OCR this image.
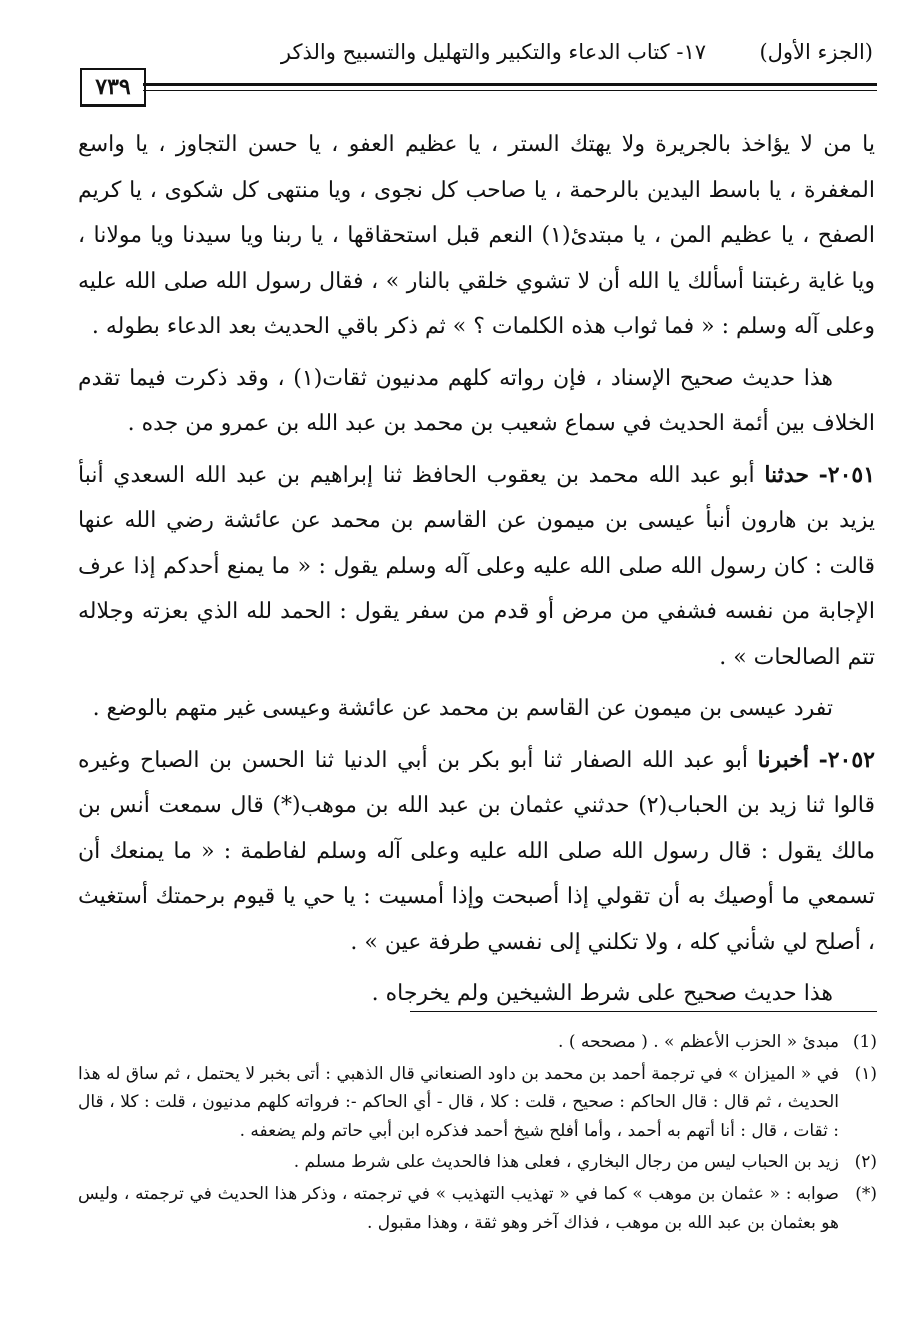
(الجزء الأول)
١٧- كتاب الدعاء والتكبير والتهليل والتسبيح والذكر
٧٣٩

يا من لا يؤاخذ بالجريرة ولا يهتك الستر ، يا عظيم العفو ، يا حسن التجاوز ، يا واسع المغفرة ، يا باسط اليدين بالرحمة ، يا صاحب كل نجوى ، ويا منتهى كل شكوى ، يا كريم الصفح ، يا عظيم المن ، يا مبتدئ(١) النعم قبل استحقاقها ، يا ربنا ويا سيدنا ويا مولانا ، ويا غاية رغبتنا أسألك يا الله أن لا تشوي خلقي بالنار » ، فقال رسول الله صلى الله عليه وعلى آله وسلم : « فما ثواب هذه الكلمات ؟ » ثم ذكر باقي الحديث بعد الدعاء بطوله .

هذا حديث صحيح الإسناد ، فإن رواته كلهم مدنيون ثقات(١) ، وقد ذكرت فيما تقدم الخلاف بين أئمة الحديث في سماع شعيب بن محمد بن عبد الله بن عمرو من جده .

٢٠٥١- حدثنا أبو عبد الله محمد بن يعقوب الحافظ ثنا إبراهيم بن عبد الله السعدي أنبأ يزيد بن هارون أنبأ عيسى بن ميمون عن القاسم بن محمد عن عائشة رضي الله عنها قالت : كان رسول الله صلى الله عليه وعلى آله وسلم يقول : « ما يمنع أحدكم إذا عرف الإجابة من نفسه فشفي من مرض أو قدم من سفر يقول : الحمد لله الذي بعزته وجلاله تتم الصالحات » .

تفرد عيسى بن ميمون عن القاسم بن محمد عن عائشة وعيسى غير متهم بالوضع .

٢٠٥٢- أخبرنا أبو عبد الله الصفار ثنا أبو بكر بن أبي الدنيا ثنا الحسن بن الصباح وغيره قالوا ثنا زيد بن الحباب(٢) حدثني عثمان بن عبد الله بن موهب(*) قال سمعت أنس بن مالك يقول : قال رسول الله صلى الله عليه وعلى آله وسلم لفاطمة : « ما يمنعك أن تسمعي ما أوصيك به أن تقولي إذا أصبحت وإذا أمسيت : يا حي يا قيوم برحمتك أستغيث ، أصلح لي شأني كله ، ولا تكلني إلى نفسي طرفة عين » .

هذا حديث صحيح على شرط الشيخين ولم يخرجاه .

(1)
مبدئ « الحزب الأعظم » . ( مصححه ) .
(١)
في « الميزان » في ترجمة أحمد بن محمد بن داود الصنعاني قال الذهبي : أتى بخبر لا يحتمل ، ثم ساق له هذا الحديث ، ثم قال : قال الحاكم : صحيح ، قلت : كلا ، قال - أي الحاكم -: فرواته كلهم مدنيون ، قلت : كلا ، قال : ثقات ، قال : أنا أتهم به أحمد ، وأما أفلح شيخ أحمد فذكره ابن أبي حاتم ولم يضعفه .
(٢)
زيد بن الحباب ليس من رجال البخاري ، فعلى هذا فالحديث على شرط مسلم .
(*)
صوابه : « عثمان بن موهب » كما في « تهذيب التهذيب » في ترجمته ، وذكر هذا الحديث في ترجمته ، وليس هو بعثمان بن عبد الله بن موهب ، فذاك آخر وهو ثقة ، وهذا مقبول .
